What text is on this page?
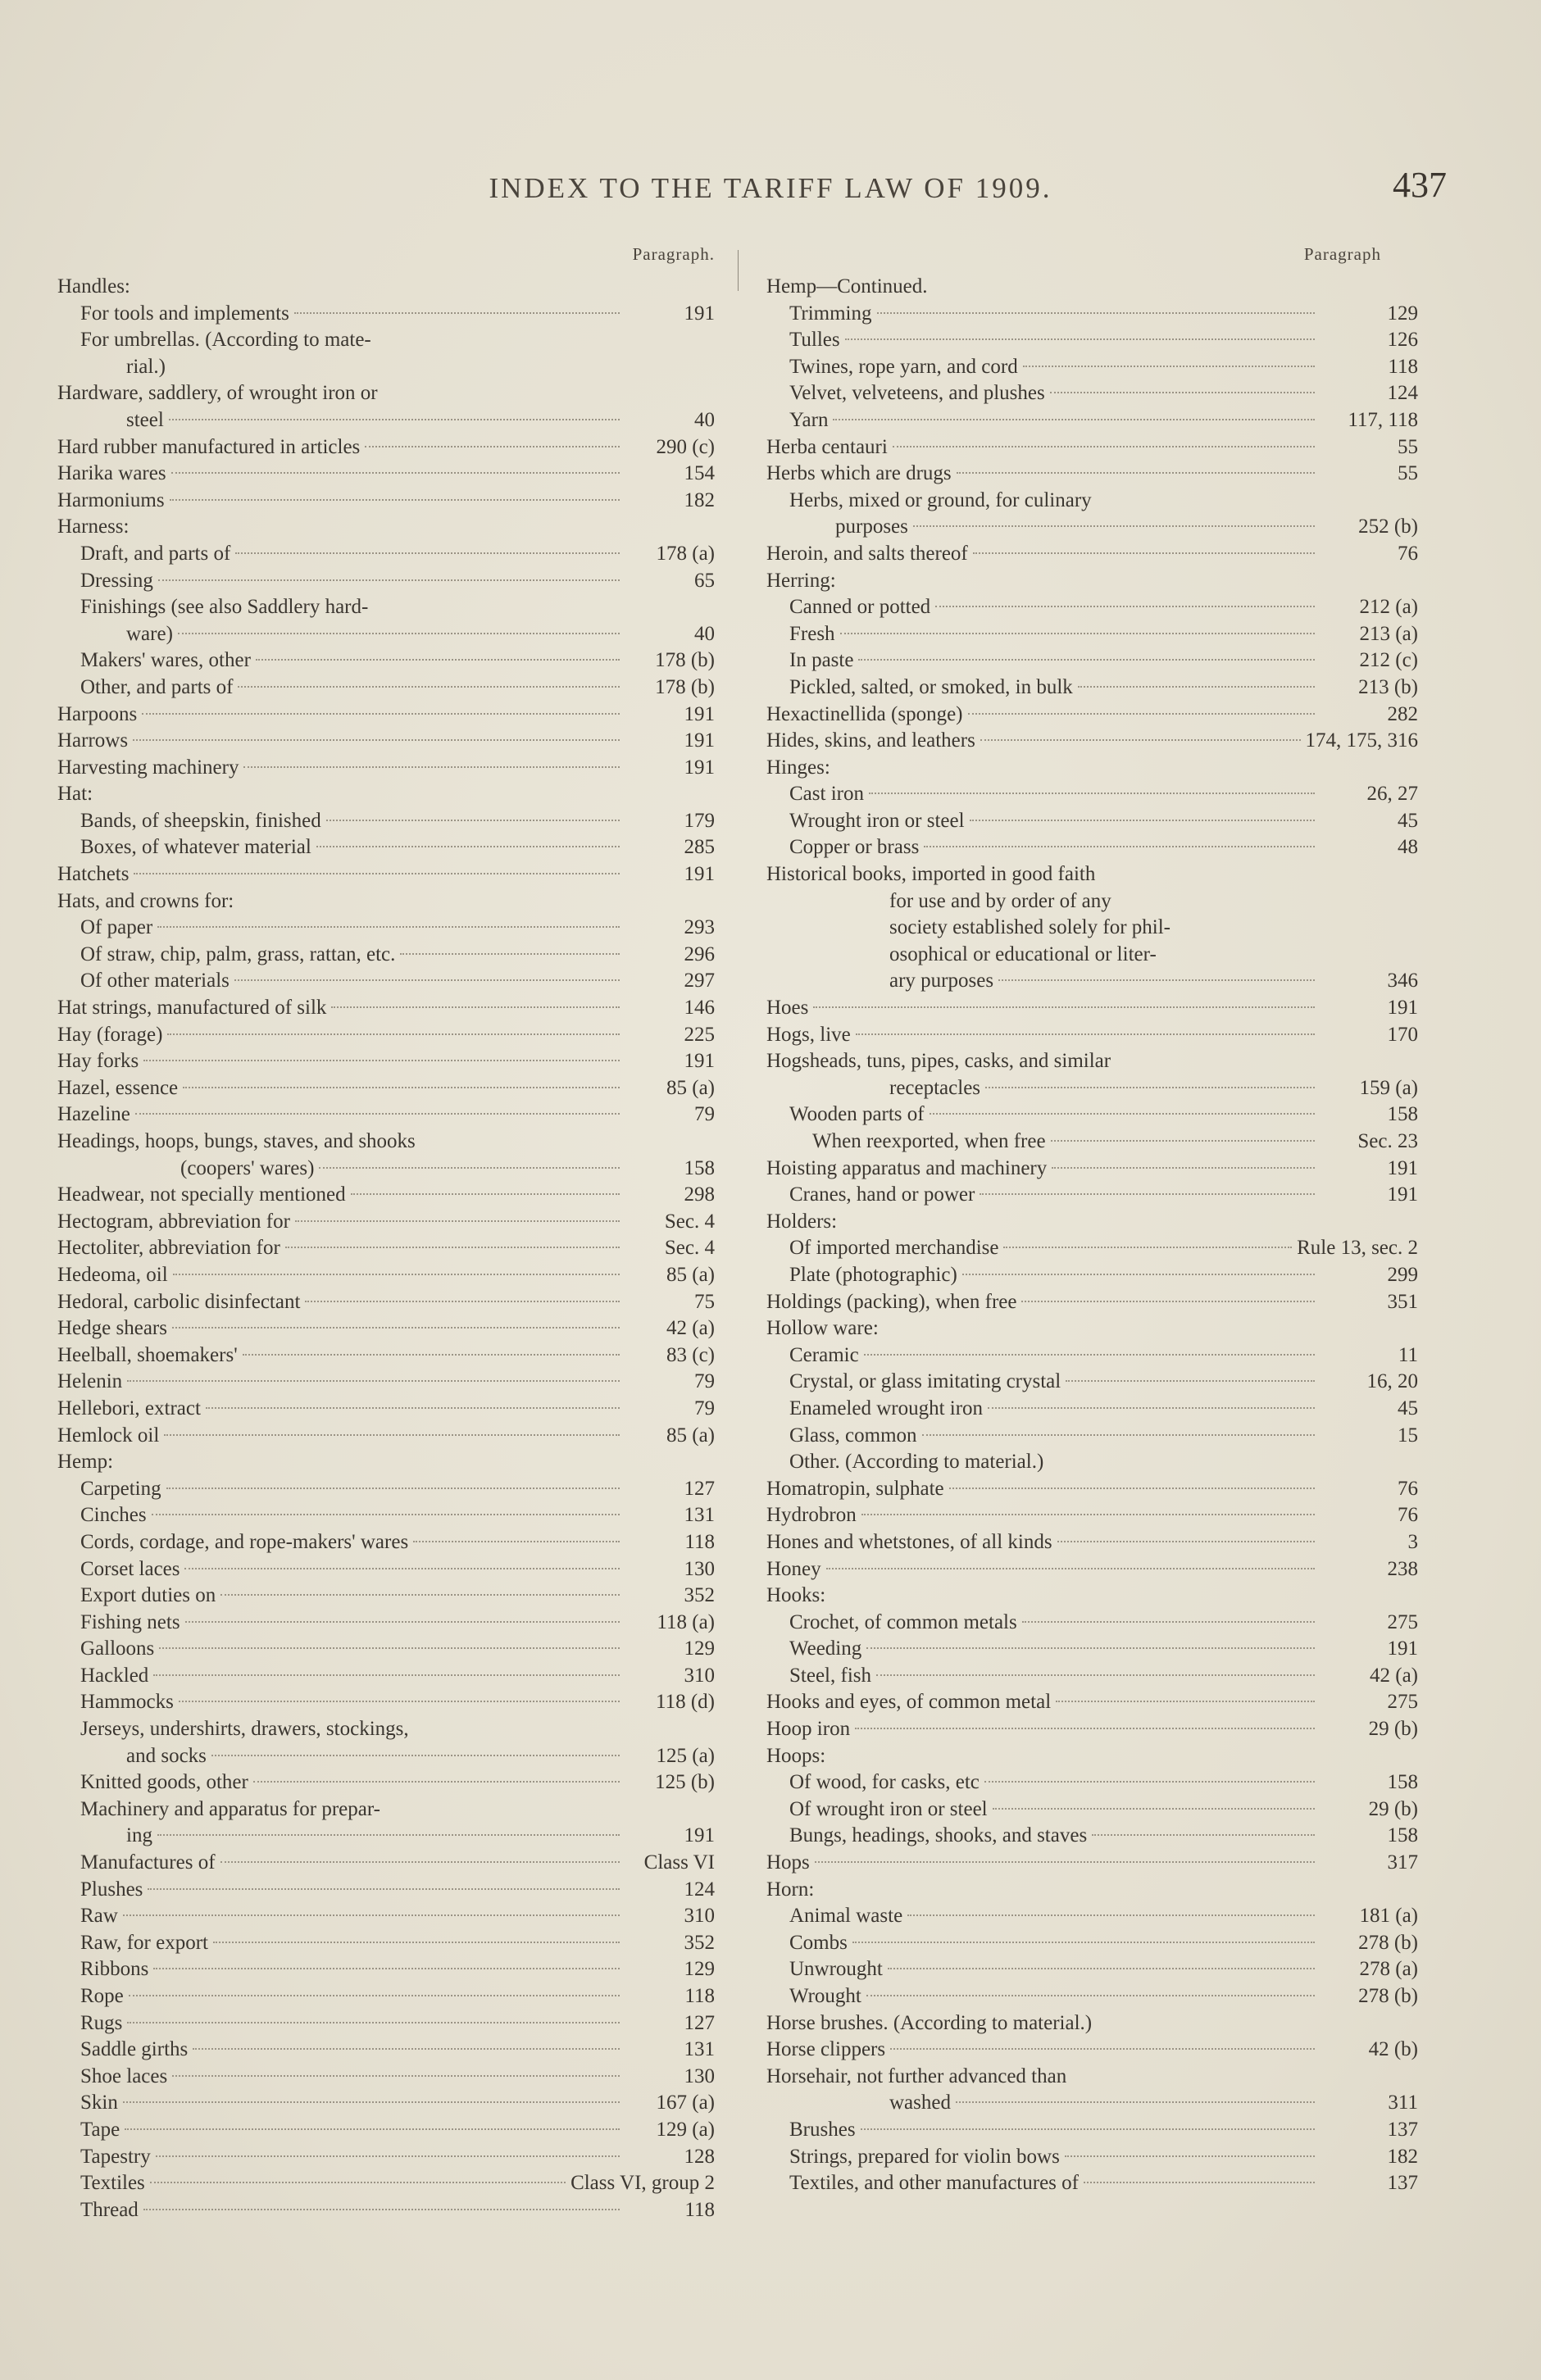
INDEX TO THE TARIFF LAW OF 1909.	437
Paragraph.
Handles:
For tools and implements	191
For umbrellas. (According to mate-
rial.)
Hardware, saddlery, of wrought iron or
steel	40
Hard rubber manufactured in articles	290 (c)
Harika wares	154
Harmoniums	182
Harness:
Draft, and parts of	178 (a)
Dressing	65
Finishings (see also Saddlery hard-
ware)	40
Makers' wares, other	178 (b)
Other, and parts of	178 (b)
Harpoons	191
Harrows	191
Harvesting machinery	191
Hat:
Bands, of sheepskin, finished	179
Boxes, of whatever material	285
Hatchets	191
Hats, and crowns for:
Of paper	293
Of straw, chip, palm, grass, rattan, etc.	296
Of other materials	297
Hat strings, manufactured of silk	146
Hay (forage)	225
Hay forks	191
Hazel, essence	85 (a)
Hazeline	79
Headings, hoops, bungs, staves, and shooks
(coopers' wares)	158
Headwear, not specially mentioned	298
Hectogram, abbreviation for	Sec. 4
Hectoliter, abbreviation for	Sec. 4
Hedeoma, oil	85 (a)
Hedoral, carbolic disinfectant	75
Hedge shears	42 (a)
Heelball, shoemakers'	83 (c)
Helenin	79
Hellebori, extract	79
Hemlock oil	85 (a)
Hemp:
Carpeting	127
Cinches	131
Cords, cordage, and rope-makers' wares	118
Corset laces	130
Export duties on	352
Fishing nets	118 (a)
Galloons	129
Hackled	310
Hammocks	118 (d)
Jerseys, undershirts, drawers, stockings,
and socks	125 (a)
Knitted goods, other	125 (b)
Machinery and apparatus for prepar-
ing	191
Manufactures of	Class VI
Plushes	124
Raw	310
Raw, for export	352
Ribbons	129
Rope	118
Rugs	127
Saddle girths	131
Shoe laces	130
Skin	167 (a)
Tape	129 (a)
Tapestry	128
Textiles	Class VI, group 2
Thread	118
Paragraph
Hemp—Continued.
Trimming	129
Tulles	126
Twines, rope yarn, and cord	118
Velvet, velveteens, and plushes	124
Yarn	117, 118
Herba centauri	55
Herbs which are drugs	55
Herbs, mixed or ground, for culinary
purposes	252 (b)
Heroin, and salts thereof	76
Herring:
Canned or potted	212 (a)
Fresh	213 (a)
In paste	212 (c)
Pickled, salted, or smoked, in bulk	213 (b)
Hexactinellida (sponge)	282
Hides, skins, and leathers	174, 175, 316
Hinges:
Cast iron	26, 27
Wrought iron or steel	45
Copper or brass	48
Historical books, imported in good faith
for use and by order of any
society established solely for phil-
osophical or educational or liter-
ary purposes	346
Hoes	191
Hogs, live	170
Hogsheads, tuns, pipes, casks, and similar
receptacles	159 (a)
Wooden parts of	158
When reexported, when free	Sec. 23
Hoisting apparatus and machinery	191
Cranes, hand or power	191
Holders:
Of imported merchandise	Rule 13, sec. 2
Plate (photographic)	299
Holdings (packing), when free	351
Hollow ware:
Ceramic	11
Crystal, or glass imitating crystal	16, 20
Enameled wrought iron	45
Glass, common	15
Other. (According to material.)
Homatropin, sulphate	76
Hydrobron	76
Hones and whetstones, of all kinds	3
Honey	238
Hooks:
Crochet, of common metals	275
Weeding	191
Steel, fish	42 (a)
Hooks and eyes, of common metal	275
Hoop iron	29 (b)
Hoops:
Of wood, for casks, etc	158
Of wrought iron or steel	29 (b)
Bungs, headings, shooks, and staves	158
Hops	317
Horn:
Animal waste	181 (a)
Combs	278 (b)
Unwrought	278 (a)
Wrought	278 (b)
Horse brushes. (According to material.)
Horse clippers	42 (b)
Horsehair, not further advanced than
washed	311
Brushes	137
Strings, prepared for violin bows	182
Textiles, and other manufactures of	137
